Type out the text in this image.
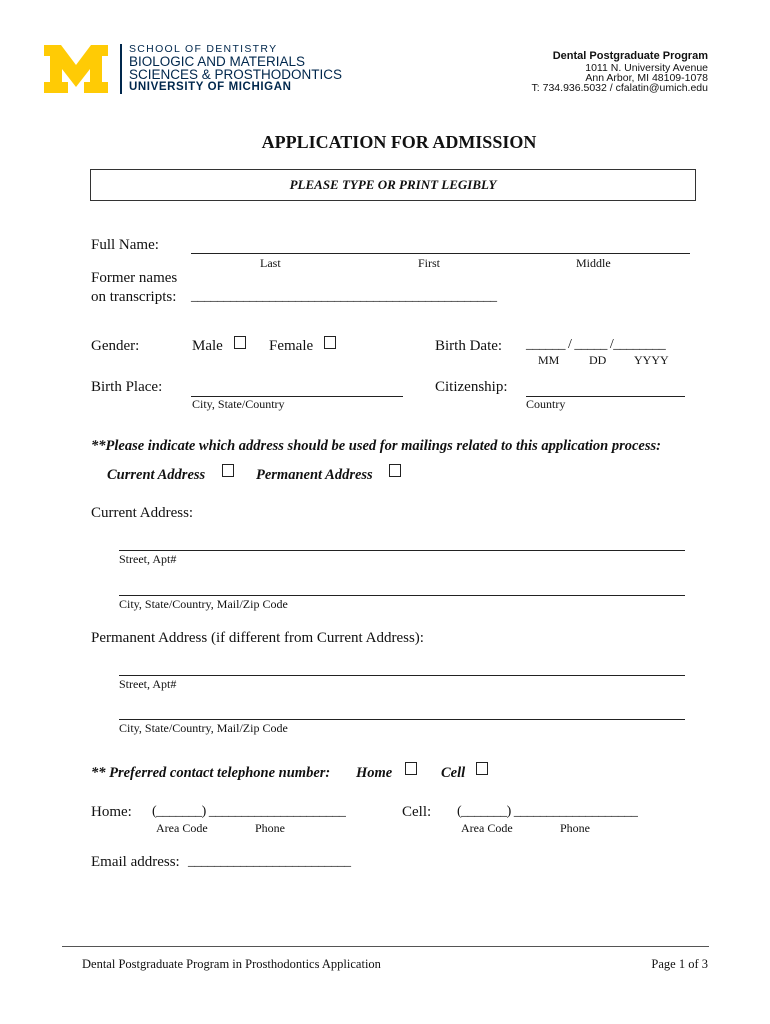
SCHOOL OF DENTISTRY
BIOLOGIC AND MATERIALS
SCIENCES & PROSTHODONTICS
UNIVERSITY OF MICHIGAN
Dental Postgraduate Program
1011 N. University Avenue
Ann Arbor, MI 48109-1078
T: 734.936.5032 / cfalatin@umich.edu
APPLICATION FOR ADMISSION
PLEASE TYPE OR PRINT LEGIBLY
Full Name:
Last	First	Middle
Former names
on transcripts: _______________________________________________
Gender:	Male	Female	Birth Date: ______ / _____ /________
MM DD YYYY
Birth Place:
City, State/Country
Citizenship:
Country
**Please indicate which address should be used for mailings related to this application process:
Current Address	Permanent Address
Current Address:
Street, Apt#
City, State/Country, Mail/Zip Code
Permanent Address (if different from Current Address):
Street, Apt#
City, State/Country, Mail/Zip Code
** Preferred contact telephone number: Home	Cell
Home: (_______) _____________________
Area Code	Phone
Cell: (_______) ___________________
Area Code	Phone
Email address: _________________________
Dental Postgraduate Program in Prosthodontics Application	Page 1 of 3
